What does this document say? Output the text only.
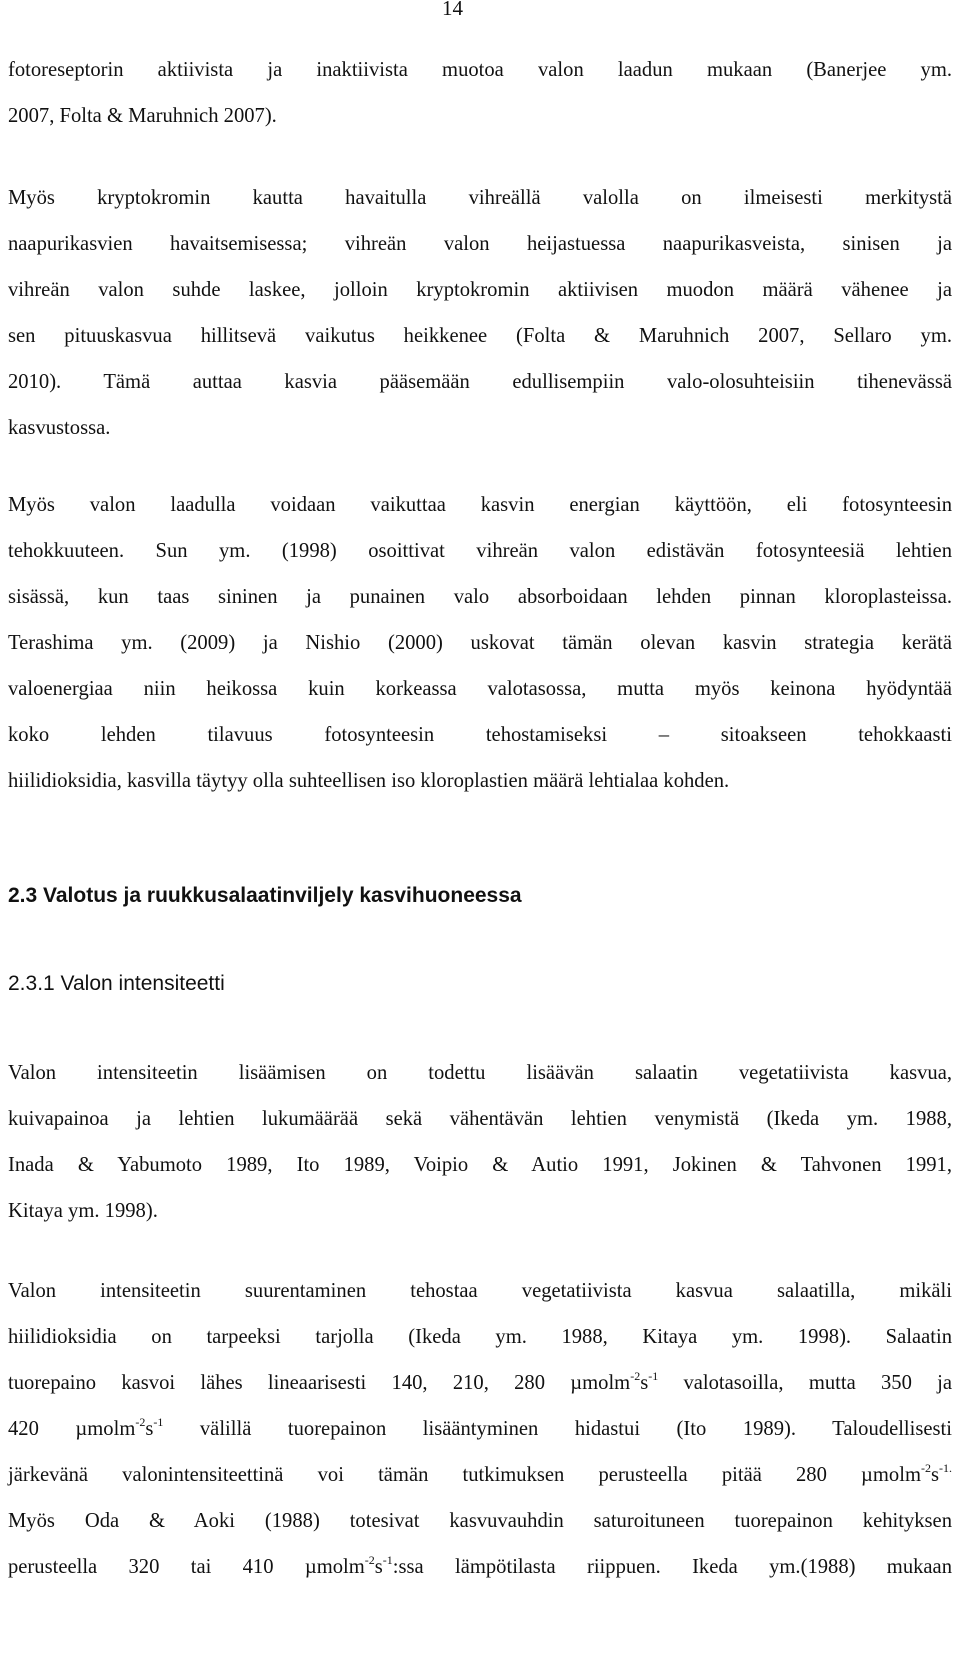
14
fotoreseptorin aktiivista ja inaktiivista muotoa valon laadun mukaan (Banerjee ym.
2007, Folta & Maruhnich 2007).
Myös kryptokromin kautta havaitulla vihreällä valolla on ilmeisesti merkitystä
naapurikasvien havaitsemisessa; vihreän valon heijastuessa naapurikasveista, sinisen ja
vihreän valon suhde laskee, jolloin kryptokromin aktiivisen muodon määrä vähenee ja
sen pituuskasvua hillitsevä vaikutus heikkenee (Folta & Maruhnich 2007, Sellaro ym.
2010). Tämä auttaa kasvia pääsemään edullisempiin valo-olosuhteisiin tihenevässä
kasvustossa.
Myös valon laadulla voidaan vaikuttaa kasvin energian käyttöön, eli fotosynteesin
tehokkuuteen. Sun ym. (1998) osoittivat vihreän valon edistävän fotosynteesiä lehtien
sisässä, kun taas sininen ja punainen valo absorboidaan lehden pinnan kloroplasteissa.
Terashima ym. (2009) ja Nishio (2000) uskovat tämän olevan kasvin strategia kerätä
valoenergiaa niin heikossa kuin korkeassa valotasossa, mutta myös keinona hyödyntää
koko lehden tilavuus fotosynteesin tehostamiseksi – sitoakseen tehokkaasti
hiilidioksidia, kasvilla täytyy olla suhteellisen iso kloroplastien määrä lehtialaa kohden.
2.3 Valotus ja ruukkusalaatinviljely kasvihuoneessa
2.3.1 Valon intensiteetti
Valon intensiteetin lisäämisen on todettu lisäävän salaatin vegetatiivista kasvua,
kuivapainoa ja lehtien lukumäärää sekä vähentävän lehtien venymistä (Ikeda ym. 1988,
Inada & Yabumoto 1989, Ito 1989, Voipio & Autio 1991, Jokinen & Tahvonen 1991,
Kitaya ym. 1998).
Valon intensiteetin suurentaminen tehostaa vegetatiivista kasvua salaatilla, mikäli
hiilidioksidia on tarpeeksi tarjolla (Ikeda ym. 1988, Kitaya ym. 1998). Salaatin
tuorepaino kasvoi lähes lineaarisesti 140, 210, 280 $\mu molm^{-2}s^{-1}$ valotasoilla, mutta 350 ja
420 $\mu molm^{-2}s^{-1}$ välillä tuorepainon lisääntyminen hidastui (Ito 1989). Taloudellisesti
järkevänä valonintensiteettinä voi tämän tutkimuksen perusteella pitää 280 $\mu molm^{-2}s^{-1.}$
Myös Oda & Aoki (1988) totesivat kasvuvauhdin saturoituneen tuorepainon kehityksen
perusteella 320 tai 410 $\mu molm^{-2}s^{-1}:ssa$ lämpötilasta riippuen. Ikeda ym.(1988) mukaan
